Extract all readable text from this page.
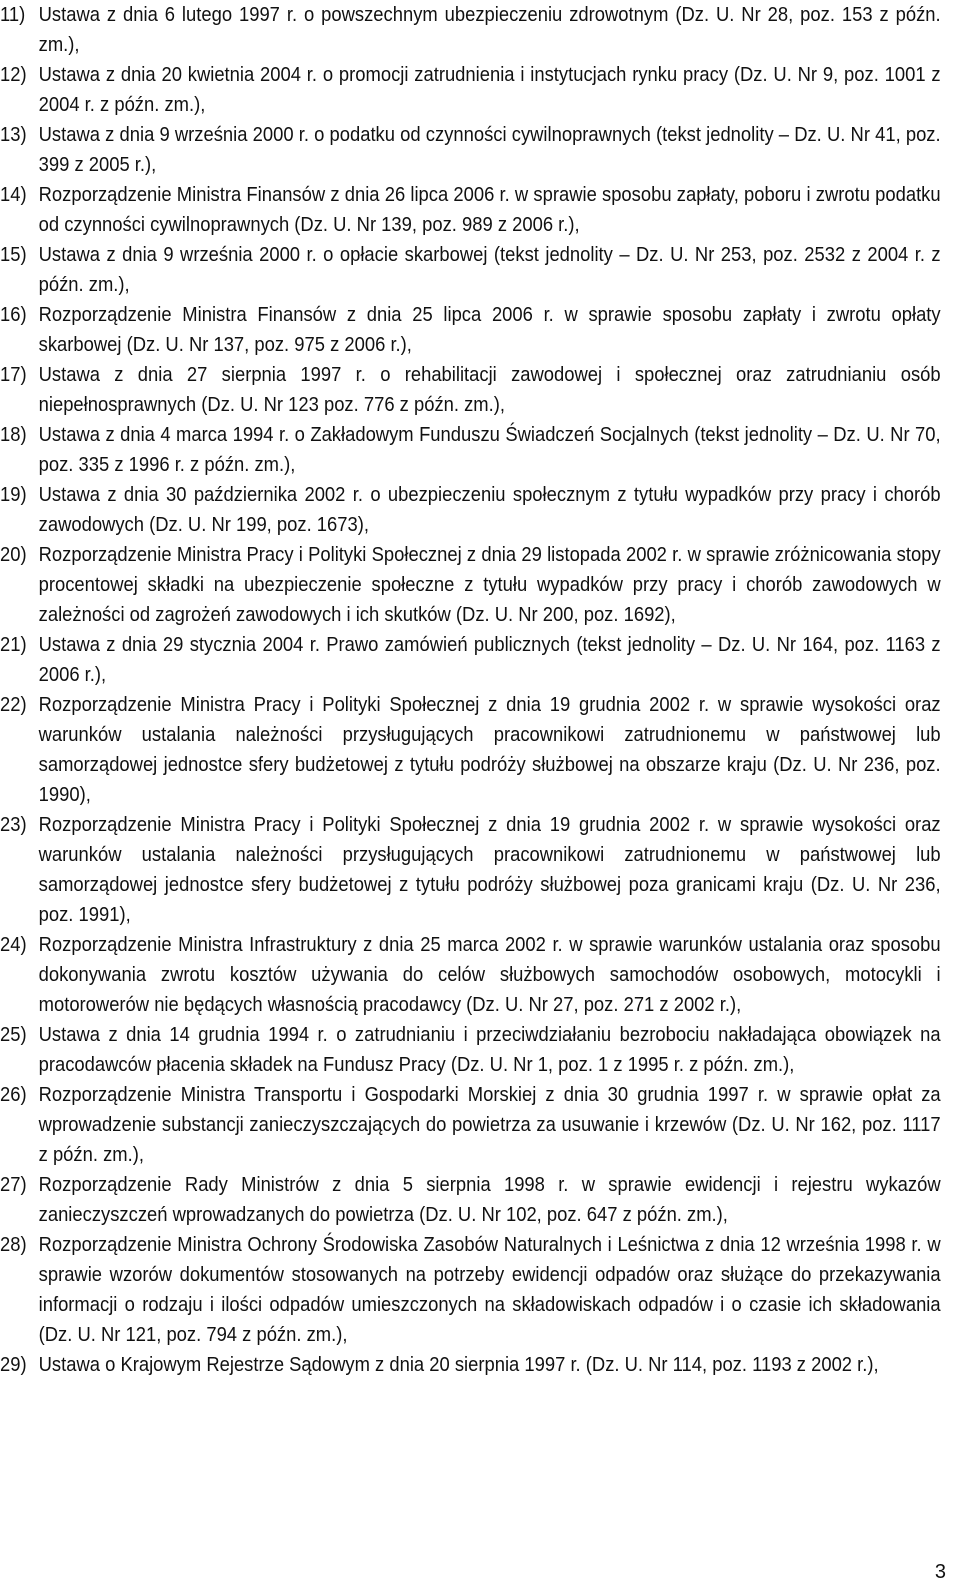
11) Ustawa z dnia 6 lutego 1997 r. o powszechnym ubezpieczeniu zdrowotnym (Dz. U. Nr 28, poz. 153 z późn. zm.),
12) Ustawa z dnia 20 kwietnia 2004 r. o promocji zatrudnienia i instytucjach rynku pracy (Dz. U. Nr 9, poz. 1001 z 2004 r. z późn. zm.),
13) Ustawa z dnia 9 września 2000 r. o podatku od czynności cywilnoprawnych (tekst jednolity – Dz. U. Nr 41, poz. 399 z 2005 r.),
14) Rozporządzenie Ministra Finansów z dnia 26 lipca 2006 r. w sprawie sposobu zapłaty, poboru i zwrotu podatku od czynności cywilnoprawnych (Dz. U. Nr 139, poz. 989 z 2006 r.),
15) Ustawa z dnia 9 września 2000 r. o opłacie skarbowej (tekst jednolity – Dz. U. Nr 253, poz. 2532 z 2004 r. z późn. zm.),
16) Rozporządzenie Ministra Finansów z dnia 25 lipca 2006 r. w sprawie sposobu zapłaty i zwrotu opłaty skarbowej (Dz. U. Nr 137, poz. 975 z 2006 r.),
17) Ustawa z dnia 27 sierpnia 1997 r. o rehabilitacji zawodowej i społecznej oraz zatrudnianiu osób niepełnosprawnych (Dz. U. Nr 123 poz. 776 z późn. zm.),
18) Ustawa z dnia 4 marca 1994 r. o Zakładowym Funduszu Świadczeń Socjalnych (tekst jednolity – Dz. U. Nr 70, poz. 335 z 1996 r. z późn. zm.),
19) Ustawa z dnia 30 października 2002 r. o ubezpieczeniu społecznym z tytułu wypadków przy pracy i chorób zawodowych (Dz. U. Nr 199, poz. 1673),
20) Rozporządzenie Ministra Pracy i Polityki Społecznej z dnia 29 listopada 2002 r. w sprawie zróżnicowania stopy procentowej składki na ubezpieczenie społeczne z tytułu wypadków przy pracy i chorób zawodowych w zależności od zagrożeń zawodowych i ich skutków (Dz. U. Nr 200, poz. 1692),
21) Ustawa z dnia 29 stycznia 2004 r. Prawo zamówień publicznych (tekst jednolity – Dz. U. Nr 164, poz. 1163 z 2006 r.),
22) Rozporządzenie Ministra Pracy i Polityki Społecznej z dnia 19 grudnia 2002 r. w sprawie wysokości oraz warunków ustalania należności przysługujących pracownikowi zatrudnionemu w państwowej lub samorządowej jednostce sfery budżetowej z tytułu podróży służbowej na obszarze kraju (Dz. U. Nr 236, poz. 1990),
23) Rozporządzenie Ministra Pracy i Polityki Społecznej z dnia 19 grudnia 2002 r. w sprawie wysokości oraz warunków ustalania należności przysługujących pracownikowi zatrudnionemu w państwowej lub samorządowej jednostce sfery budżetowej z tytułu podróży służbowej poza granicami kraju (Dz. U. Nr 236, poz. 1991),
24) Rozporządzenie Ministra Infrastruktury z dnia 25 marca 2002 r. w sprawie warunków ustalania oraz sposobu dokonywania zwrotu kosztów używania do celów służbowych samochodów osobowych, motocykli i motorowerów nie będących własnością pracodawcy (Dz. U. Nr 27, poz. 271 z 2002 r.),
25) Ustawa z dnia 14 grudnia 1994 r. o zatrudnianiu i przeciwdziałaniu bezrobociu nakładająca obowiązek na pracodawców płacenia składek na Fundusz Pracy (Dz. U. Nr 1, poz. 1 z 1995 r. z późn. zm.),
26) Rozporządzenie Ministra Transportu i Gospodarki Morskiej z dnia 30 grudnia 1997 r. w sprawie opłat za wprowadzenie substancji zanieczyszczających do powietrza za usuwanie i krzewów (Dz. U. Nr 162, poz. 1117 z późn. zm.),
27) Rozporządzenie Rady Ministrów z dnia 5 sierpnia 1998 r. w sprawie ewidencji i rejestru wykazów zanieczyszczeń wprowadzanych do powietrza (Dz. U. Nr 102, poz. 647 z późn. zm.),
28) Rozporządzenie Ministra Ochrony Środowiska Zasobów Naturalnych i Leśnictwa z dnia 12 września 1998 r. w sprawie wzorów dokumentów stosowanych na potrzeby ewidencji odpadów oraz służące do przekazywania informacji o rodzaju i ilości odpadów umieszczonych na składowiskach odpadów i o czasie ich składowania (Dz. U. Nr 121, poz. 794 z późn. zm.),
29) Ustawa o Krajowym Rejestrze Sądowym z dnia 20 sierpnia 1997 r. (Dz. U. Nr 114, poz. 1193 z 2002 r.),
3
